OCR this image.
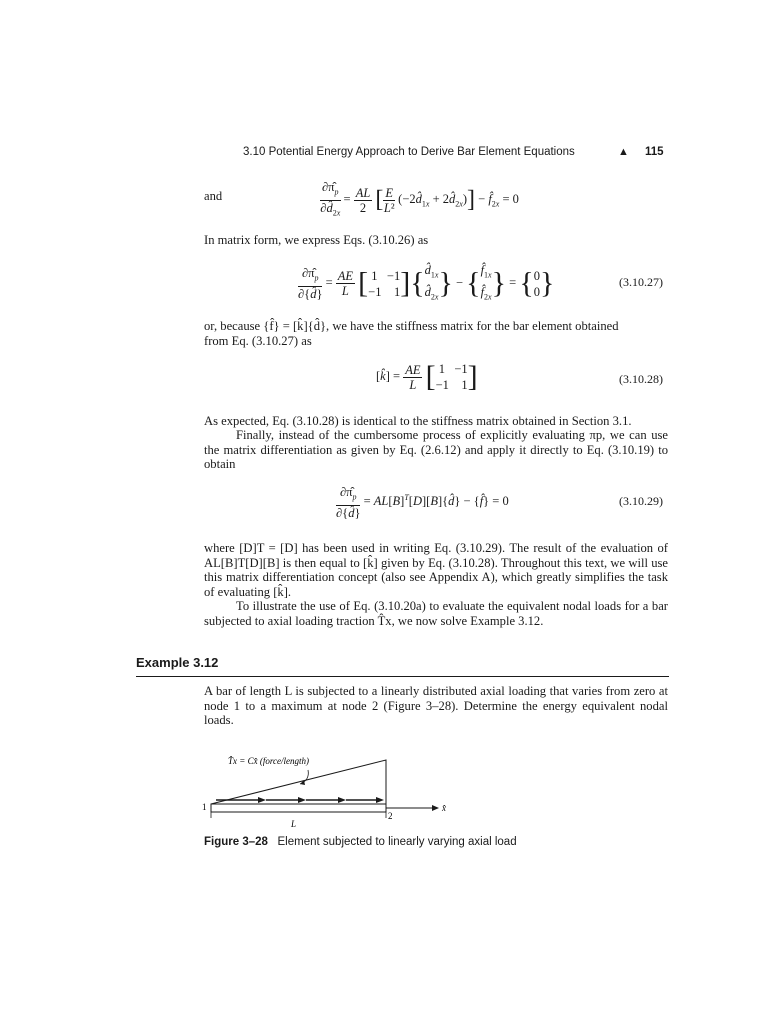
3.10 Potential Energy Approach to Derive Bar Element Equations	▲ 115
and	$\frac{\partial\pî_p}{\partial d̂_{2x}} = \frac{AL}{2}$ [ $\frac{E}{\text{L²}}$ ($-2d̂_{1x}$ + $2d̂_{2x}$)] − $f̂_{2x} = 0$
In matrix form, we express Eqs. (3.10.26) as
$\frac{\partial\pî_p}{\partial\{d̂\}} = \frac{AE}{L}$ [ 1   −1
−1    $1]\{d̂_{1x}$
$d̂_{2x}$} − {$f̂_{1x}$
$f̂_{2x}\} = \{0$
0}	(3.10.27)
or, because {f̂} = [k̂]{d̂}, we have the stiffness matrix for the bar element obtained
from Eq. (3.10.27) as
[k̂] = $\frac{AE}{L}$ [ 1   −1
−1    1]	(3.10.28)
As expected, Eq. (3.10.28) is identical to the stiffness matrix obtained in Section 3.1.
Finally, instead of the cumbersome process of explicitly evaluating πp, we can use the matrix differentiation as given by Eq. (2.6.12) and apply it directly to Eq. (3.10.19) to obtain
$\frac{\partial\pî_p}{\partial\{d̂\}}$ = $AL[B]^T[D][B]\{d̂\}$ − {f̂} = 0	(3.10.29)
where [D]T = [D] has been used in writing Eq. (3.10.29). The result of the evaluation of AL[B]T[D][B] is then equal to [k̂] given by Eq. (3.10.28). Throughout this text, we will use this matrix differentiation concept (also see Appendix A), which greatly simplifies the task of evaluating [k̂].
To illustrate the use of Eq. (3.10.20a) to evaluate the equivalent nodal loads for a bar subjected to axial loading traction T̂x, we now solve Example 3.12.
Example 3.12
A bar of length L is subjected to a linearly distributed axial loading that varies from zero at node 1 to a maximum at node 2 (Figure 3–28). Determine the energy equivalent nodal loads.
T̂x = Cx̂ (force/length)
1
2
x̂
L
Figure 3–28 Element subjected to linearly varying axial load
